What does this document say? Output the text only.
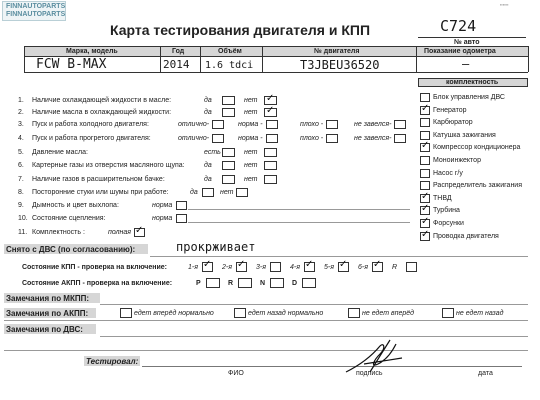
FINNAUTOPARTS
FINNAUTOPARTS
▪▪▪▪▪▪
Карта тестирования двигателя и КПП	C724
№ авто
Марка, модель	Год	Объём	№ двигателя	Показание одометра
FCW B-MAX	2014 1.6 tdci	T3JBEU36520	—
комплектность
1. Наличие охлаждающей жидкости в масле:	да	нет ✓
2. Наличие масла в охлаждающей жидкости:	да	нет ✓
3. Пуск и работа холодного двигателя:	отлично-	норма -	плохо -	не завелся-
4. Пуск и работа прогретого двигателя:	отлично-	норма -	плохо -	не завелся-
5. Давление масла:	есть	нет
6. Картерные газы из отверстия масляного щупа:	да	нет
7. Наличие газов в расширительном бачке:	да	нет
8. Посторонние стуки или шумы при работе:	да	нет
9. Дымность и цвет выхлопа:	норма
10. Состояние сцепления:	норма
11. Комплектность :	полная ✓
Блок управления ДВС
✓ Генератор
Карбюратор
Катушка зажигания
✓ Компрессор кондиционера
Моноинжектор
Насос г/у
Распределитель зажигания
✓ ТНВД
✓ Турбина
✓ Форсунки
✓ Проводка двигателя
Снято с ДВС (по согласованию):	прокрживает
Состояние КПП - проверка на включение:	1-я ✓ 2-я ✓ 3-я	4-я ✓ 5-я ✓ 6-я ✓ R
Состояние АКПП - проверка на включение:	P	R	N	D
Замечания по МКПП:
Замечания по АКПП:	едет вперёд нормально	едет назад нормально	не едет вперёд	не едет назад
Замечания по ДВС:
Тестировал:
ФИО	подпись	дата
